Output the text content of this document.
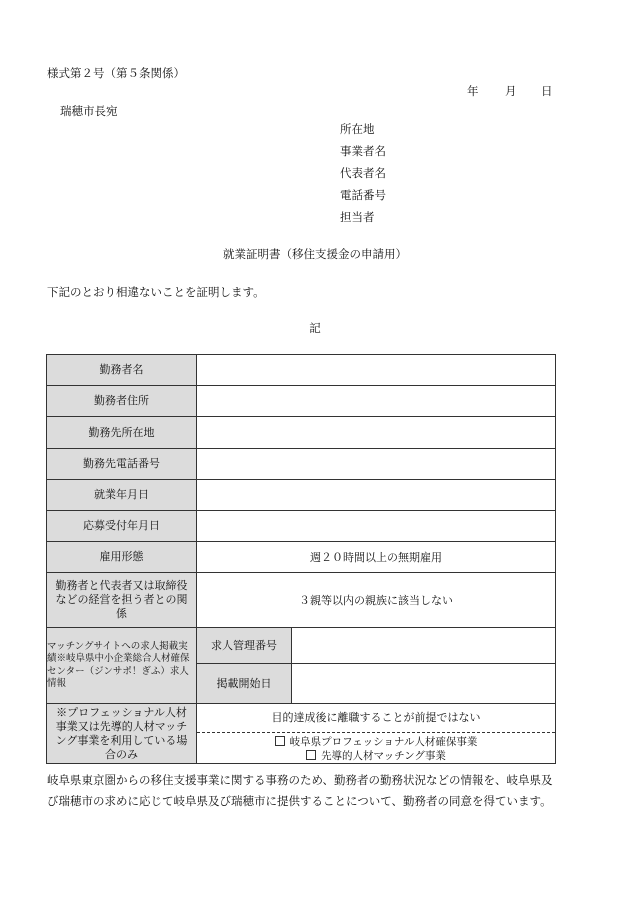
様式第２号（第５条関係）
年 月 日
瑞穂市長宛
所在地
事業者名
代表者名
電話番号
担当者
就業証明書（移住支援金の申請用）
下記のとおり相違ないことを証明します。
記
勤務者名		
勤務者住所		
勤務先所在地		
勤務先電話番号		
就業年月日		
応募受付年月日		
雇用形態	週２０時間以上の無期雇用	
勤務者と代表者又は取締役などの経営を担う者との関係	３親等以内の親族に該当しない	
マッチングサイトへの求人掲載実績※岐阜県中小企業総合人材確保センター（ジンサポ！ぎふ）求人情報	求人管理番号	
	掲載開始日	
※プロフェッショナル人材事業又は先導的人材マッチング事業を利用している場合のみ	目的達成後に離職することが前提ではない
岐阜県プロフェッショナル人材確保事業
先導的人材マッチング事業	
岐阜県東京圏からの移住支援事業に関する事務のため、勤務者の勤務状況などの情報を、岐阜県及び瑞穂市の求めに応じて岐阜県及び瑞穂市に提供することについて、勤務者の同意を得ています。
